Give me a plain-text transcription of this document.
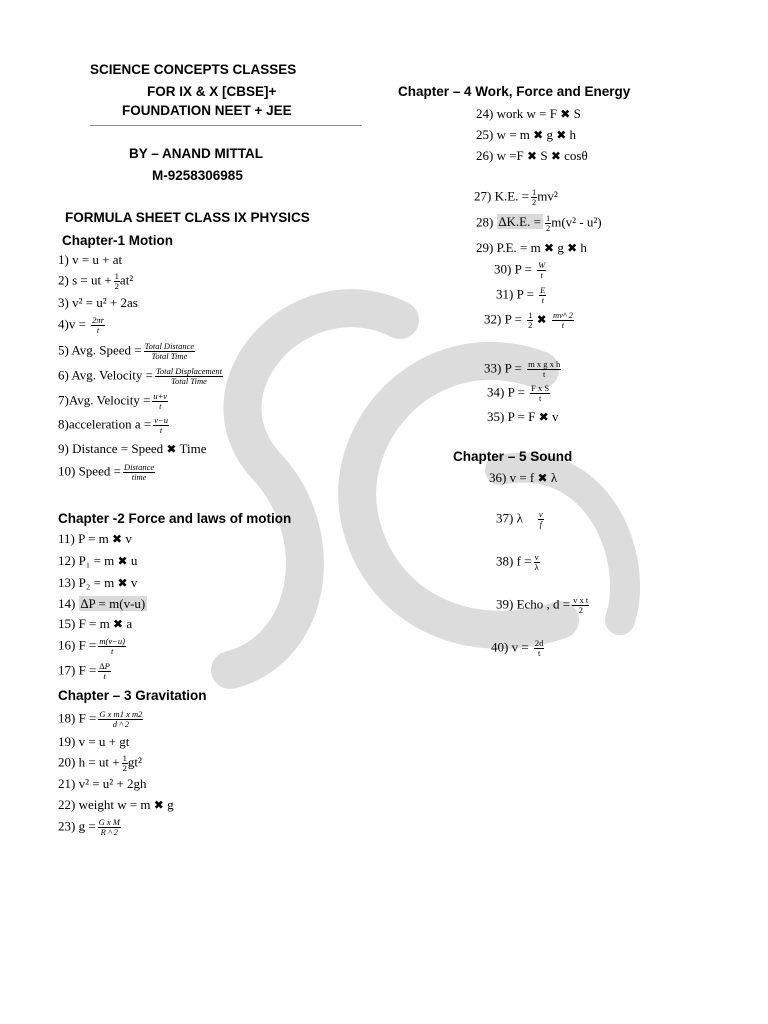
SCIENCE CONCEPTS CLASSES
FOR IX & X [CBSE]+
FOUNDATION NEET + JEE
BY – ANAND MITTAL
M-9258306985
FORMULA SHEET CLASS IX PHYSICS
Chapter-1 Motion
1) v = u + at
2) s = ut + $\frac{1}{2} at^2$
3) v² = u² + 2as
$4)v = \frac{2\pi r}{t}$
5) Avg. Speed = Total Distance
Total Time
6) Avg. Velocity = Total Displacement
Total Time
7)Avg. Velocity = $\frac{u+v}{t}$
8)acceleration $a = \frac{v-u}{t}$
9) Distance = Speed ✖ Time
10) Speed = Distance
time
Chapter -2 Force and laws of motion
11) P = m ✖ v
12) P₁ = m ✖ u
13) P₂ = m ✖ v
14) ∆P = m(v-u)
15) F = m ✖ a
16) $F = \frac{m(v-u)}{t}$
17) $F = \frac{\Delta P}{t}$
Chapter – 3 Gravitation
18) $F = \frac{\text{G x m1 x m2}}{d \^{} 2}$
19) v = u + gt
20) h = ut + $\frac{1}{2} gt^2$
21) v² = u² + 2gh
22) weight w = m ✖ g
23) $g = \frac{\text{G x M}}{R \^{} 2}$
Chapter – 4 Work, Force and Energy
24) work w = F ✖ S
25) w = m ✖ g ✖ h
26) w =F ✖ S ✖ cosθ
27) K.E. = $\frac{1}{2} mv^2$
28) ∆K.E. = $\frac{1}{2} m(v^2 - u^2)$
29) P.E. = m ✖ g ✖ h
30) $P = \frac{W}{t}$
31) $P = \frac{E}{t}$
32) $P = \frac{1}{2}$ ✖ $\frac{mv\^{} 2}{t}$
33) $P = \frac{\text{m x g x h}}{t}$
34) $P = \frac{\text{F x S}}{t}$
35) P = F ✖ v
Chapter – 5 Sound
36) v = f ✖ λ
37) λ $\frac{v}{f}$
38) $f = \frac{v}{\lambda}$
39) Echo , $d = \frac{\text{v x t}}{2}$
40) $v = \frac{2d}{t}$
